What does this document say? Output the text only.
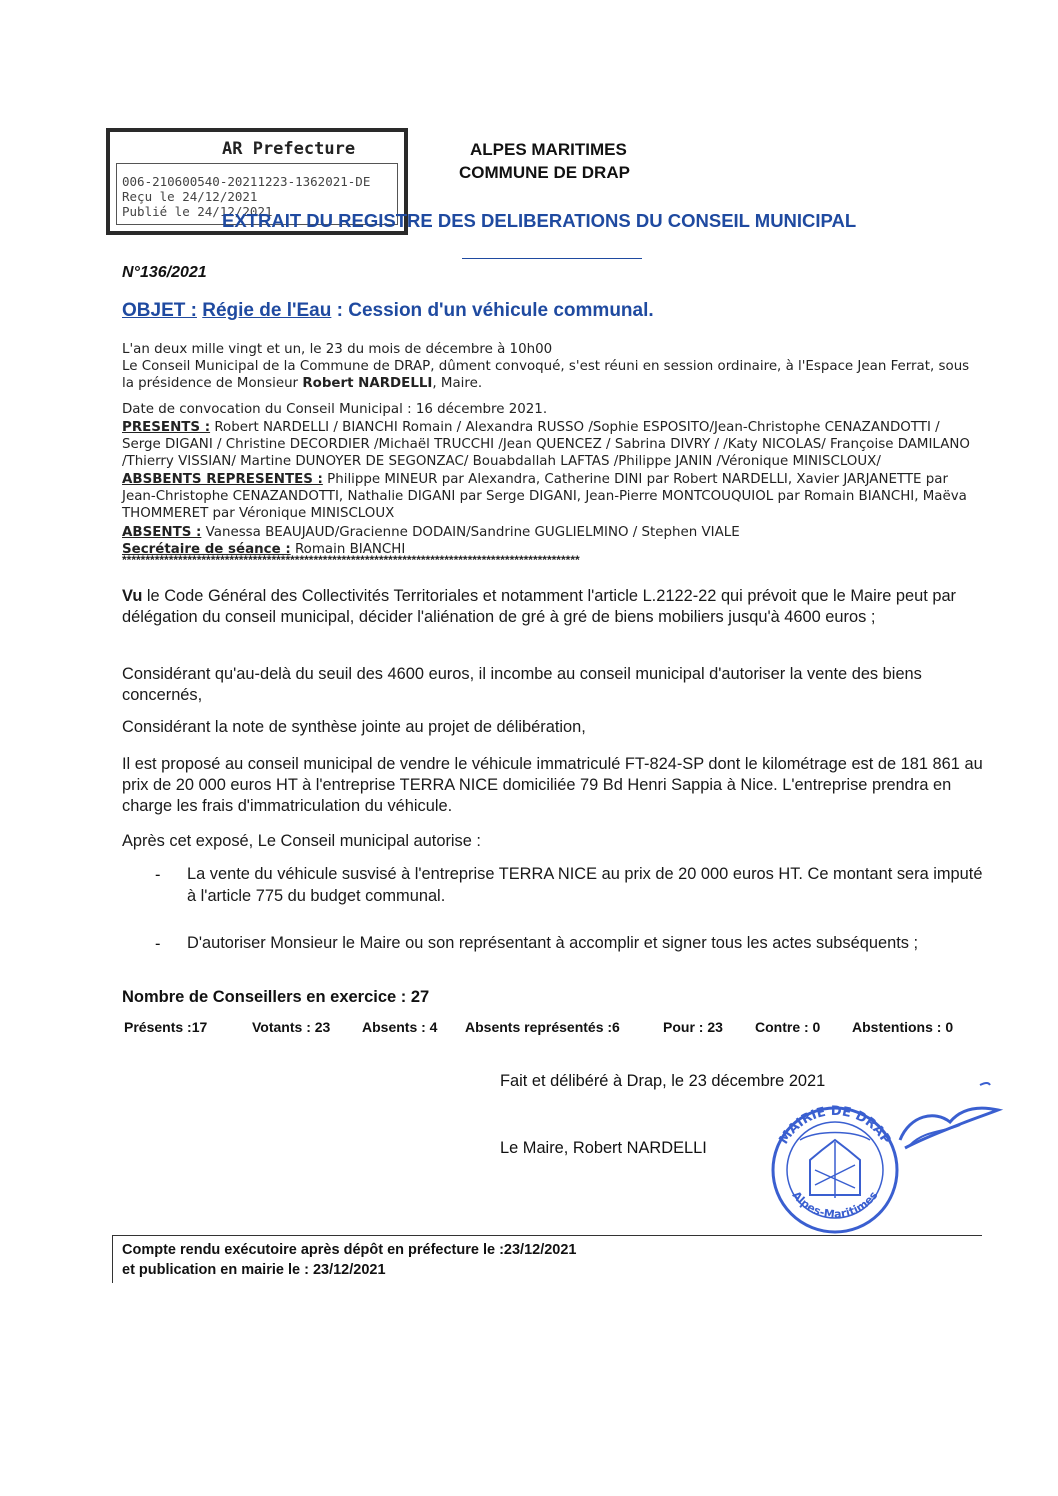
AR Prefecture
006-210600540-20211223-1362021-DE
Reçu le 24/12/2021
Publié le 24/12/2021
ALPES MARITIMES
COMMUNE DE DRAP
EXTRAIT DU REGISTRE DES DELIBERATIONS DU CONSEIL MUNICIPAL
N°136/2021
OBJET : Régie de l'Eau : Cession d'un véhicule communal.
L'an deux mille vingt et un, le 23 du mois de décembre à 10h00
Le Conseil Municipal de la Commune de DRAP, dûment convoqué, s'est réuni en session ordinaire, à l'Espace Jean Ferrat, sous la présidence de Monsieur Robert NARDELLI, Maire.
Date de convocation du Conseil Municipal : 16 décembre 2021.
PRESENTS : Robert NARDELLI / BIANCHI Romain / Alexandra RUSSO /Sophie ESPOSITO/Jean-Christophe CENAZANDOTTI / Serge DIGANI / Christine DECORDIER /Michaël TRUCCHI /Jean QUENCEZ / Sabrina DIVRY / /Katy NICOLAS/ Françoise DAMILANO /Thierry VISSIAN/ Martine DUNOYER DE SEGONZAC/ Bouabdallah LAFTAS /Philippe JANIN /Véronique MINISCLOUX/
ABSBENTS REPRESENTES : Philippe MINEUR par Alexandra, Catherine DINI par Robert NARDELLI, Xavier JARJANETTE par Jean-Christophe CENAZANDOTTI, Nathalie DIGANI par Serge DIGANI, Jean-Pierre MONTCOUQUIOL par Romain BIANCHI, Maëva THOMMERET par Véronique MINISCLOUX
ABSENTS : Vanessa BEAUJAUD/Gracienne DODAIN/Sandrine GUGLIELMINO / Stephen VIALE
Secrétaire de séance : Romain BIANCHI
**************************************************************************************************
Vu le Code Général des Collectivités Territoriales et notamment l'article L.2122-22 qui prévoit que le Maire peut par délégation du conseil municipal, décider l'aliénation de gré à gré de biens mobiliers jusqu'à 4600 euros ;
Considérant qu'au-delà du seuil des 4600 euros, il incombe au conseil municipal d'autoriser la vente des biens concernés,
Considérant la note de synthèse jointe au projet de délibération,
Il est proposé au conseil municipal de vendre le véhicule immatriculé FT-824-SP dont le kilométrage est de 181 861 au prix de 20 000 euros HT à l'entreprise TERRA NICE domiciliée 79 Bd Henri Sappia à Nice. L'entreprise prendra en charge les frais d'immatriculation du véhicule.
Après cet exposé, Le Conseil municipal autorise :
- La vente du véhicule susvisé à l'entreprise TERRA NICE au prix de 20 000 euros HT. Ce montant sera imputé à l'article 775 du budget communal.
- D'autoriser Monsieur le Maire ou son représentant à accomplir et signer tous les actes subséquents ;
Nombre de Conseillers en exercice : 27
Présents :17	Votants : 23 Absents : 4 Absents représentés :6	Pour : 23 Contre : 0 Abstentions : 0
Fait et délibéré à Drap, le 23 décembre 2021
Le Maire, Robert NARDELLI
MAIRIE DE DRAP
Alpes-Maritimes
Compte rendu exécutoire après dépôt en préfecture le :23/12/2021
et publication en mairie le : 23/12/2021
